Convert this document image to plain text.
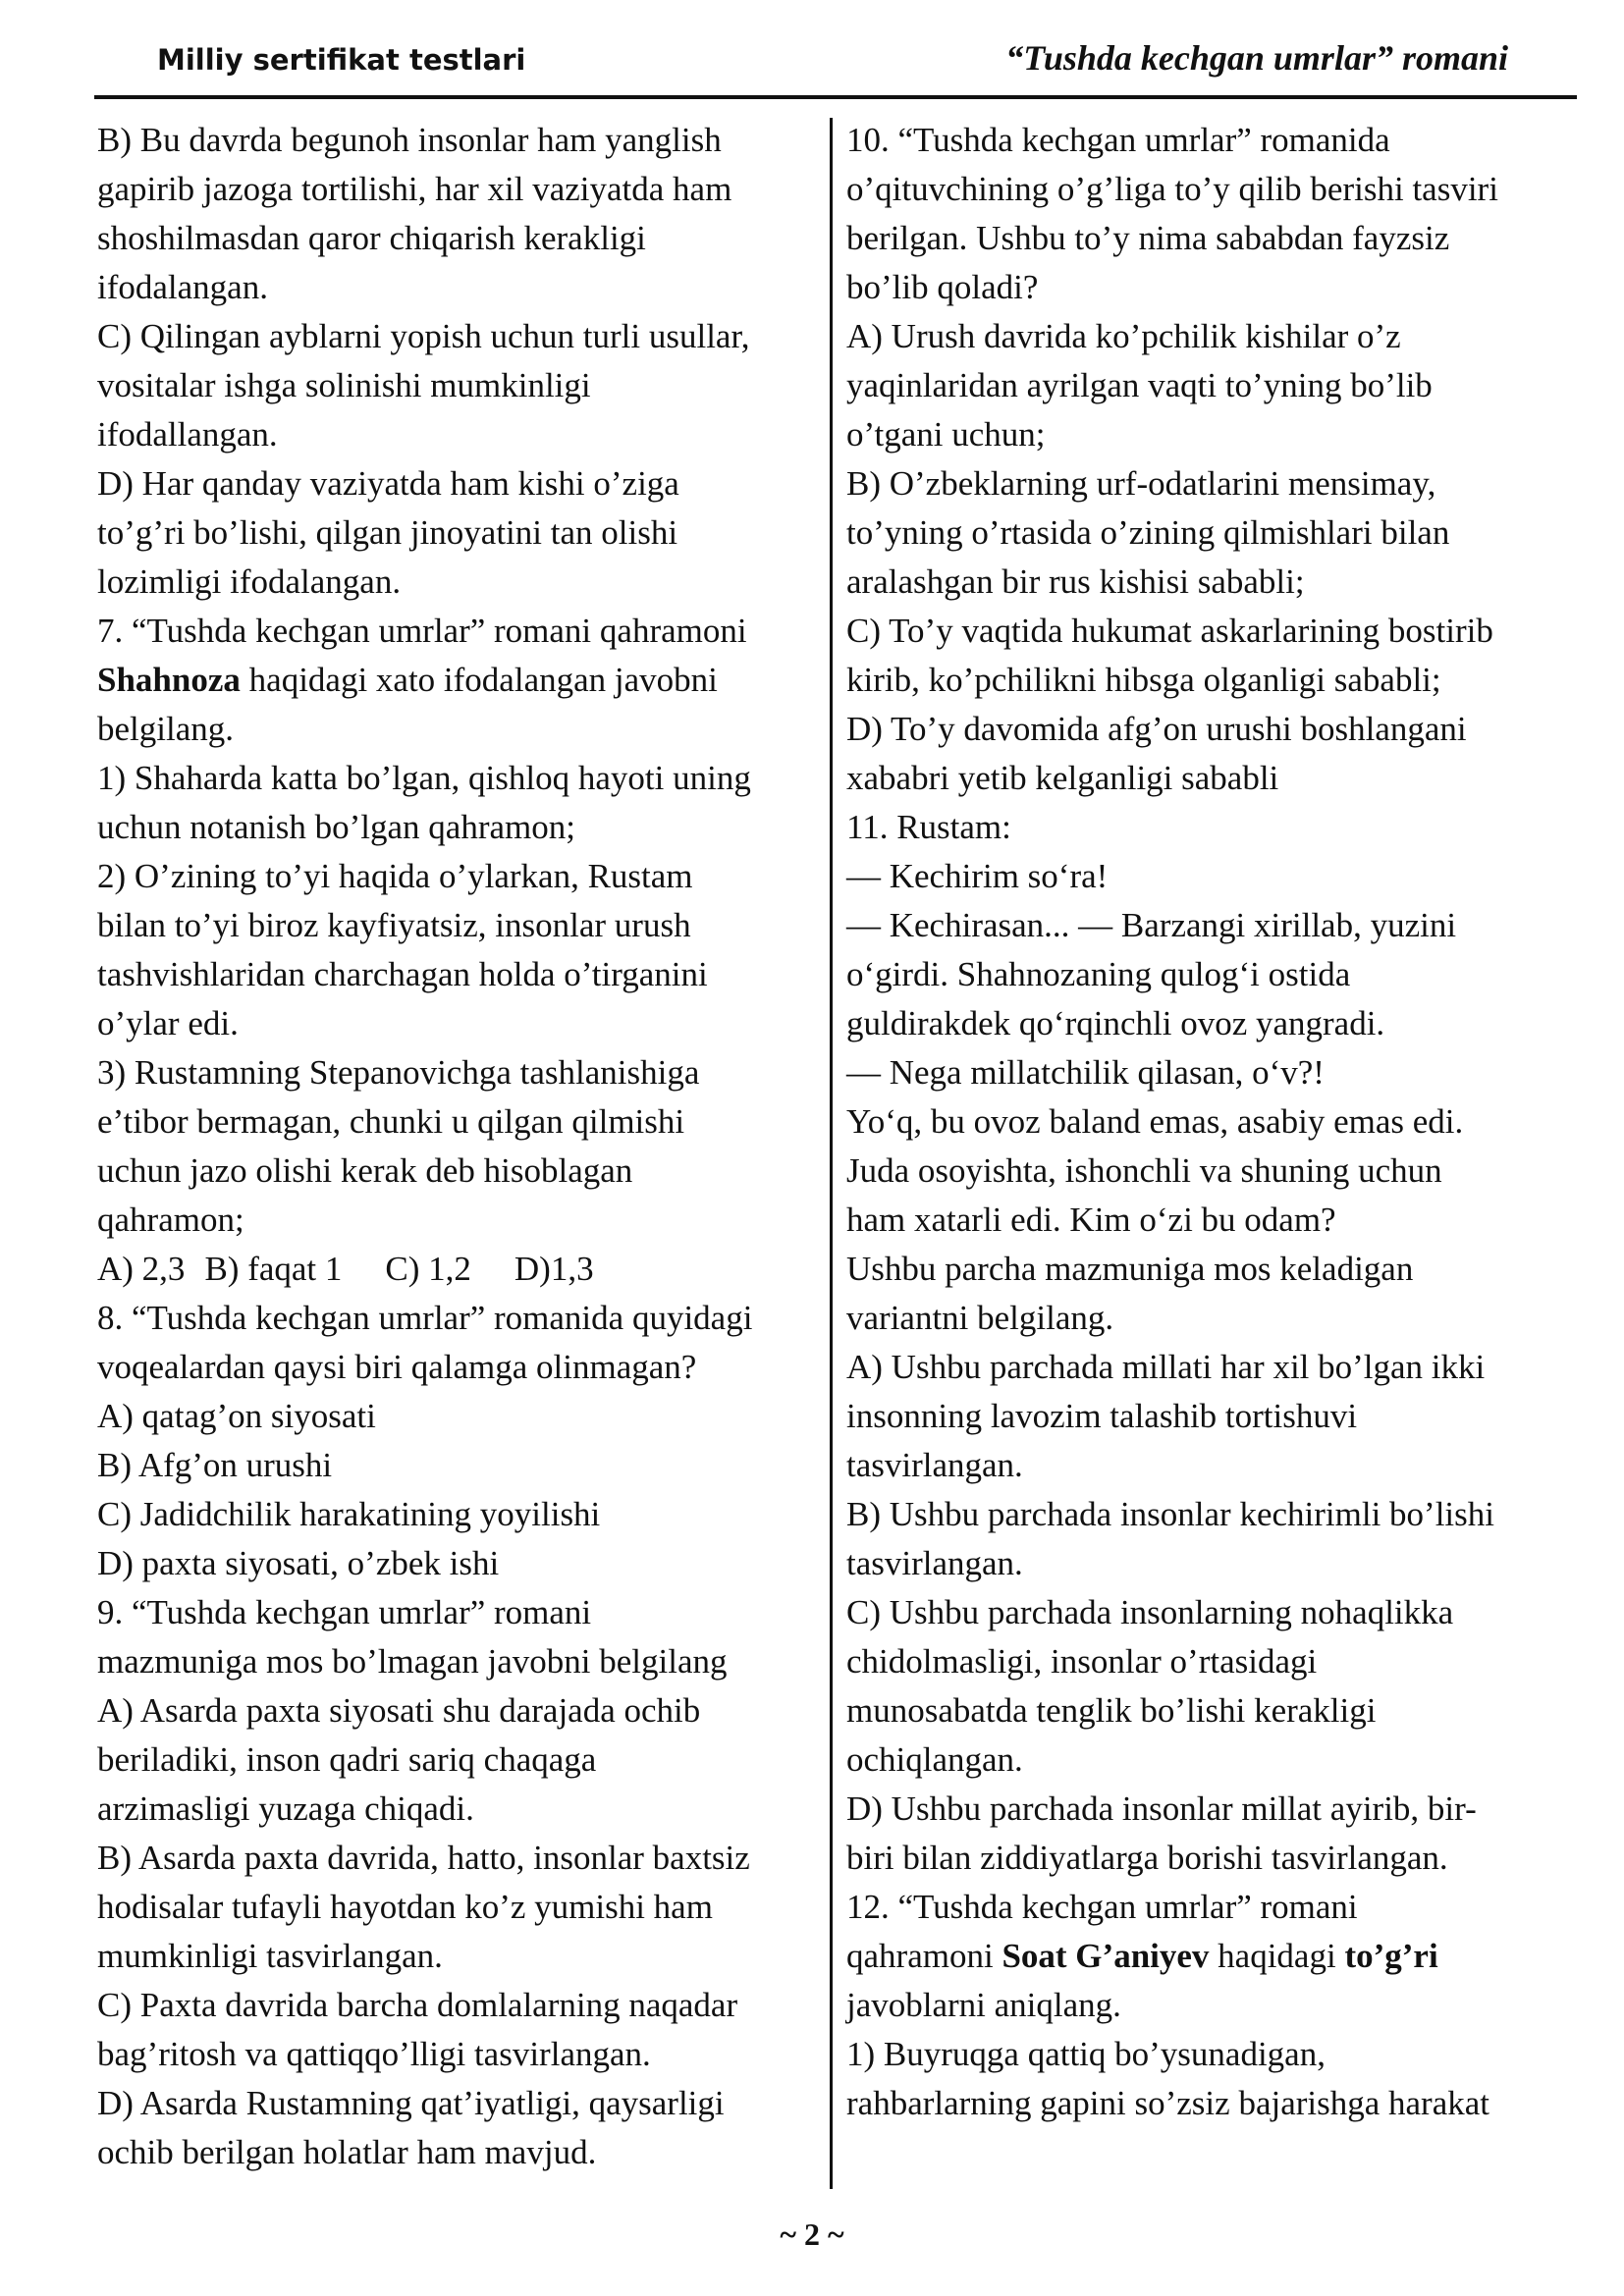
Milliy sertifikat testlari	“Tushda kechgan umrlar” romani
B) Bu davrda begunoh insonlar ham yanglish
gapirib jazoga tortilishi, har xil vaziyatda ham
shoshilmasdan qaror chiqarish kerakligi
ifodalangan.
C) Qilingan ayblarni yopish uchun turli usullar,
vositalar ishga solinishi mumkinligi
ifodallangan.
D) Har qanday vaziyatda ham kishi o’ziga
to’g’ri bo’lishi, qilgan jinoyatini tan olishi
lozimligi ifodalangan.
7. “Tushda kechgan umrlar” romani qahramoni
Shahnoza haqidagi xato ifodalangan javobni
belgilang.
1) Shaharda katta bo’lgan, qishloq hayoti uning
uchun notanish bo’lgan qahramon;
2) O’zining to’yi haqida o’ylarkan, Rustam
bilan to’yi biroz kayfiyatsiz, insonlar urush
tashvishlaridan charchagan holda o’tirganini
o’ylar edi.
3) Rustamning Stepanovichga tashlanishiga
e’tibor bermagan, chunki u qilgan qilmishi
uchun jazo olishi kerak deb hisoblagan
qahramon;
A) 2,3 B) faqat 1 C) 1,2 D)1,3
8. “Tushda kechgan umrlar” romanida quyidagi
voqealardan qaysi biri qalamga olinmagan?
A) qatag’on siyosati
B) Afg’on urushi
C) Jadidchilik harakatining yoyilishi
D) paxta siyosati, o’zbek ishi
9. “Tushda kechgan umrlar” romani
mazmuniga mos bo’lmagan javobni belgilang
A) Asarda paxta siyosati shu darajada ochib
beriladiki, inson qadri sariq chaqaga
arzimasligi yuzaga chiqadi.
B) Asarda paxta davrida, hatto, insonlar baxtsiz
hodisalar tufayli hayotdan ko’z yumishi ham
mumkinligi tasvirlangan.
C) Paxta davrida barcha domlalarning naqadar
bag’ritosh va qattiqqo’lligi tasvirlangan.
D) Asarda Rustamning qat’iyatligi, qaysarligi
ochib berilgan holatlar ham mavjud.
10. “Tushda kechgan umrlar” romanida
o’qituvchining o’g’liga to’y qilib berishi tasviri
berilgan. Ushbu to’y nima sababdan fayzsiz
bo’lib qoladi?
A) Urush davrida ko’pchilik kishilar o’z
yaqinlaridan ayrilgan vaqti to’yning bo’lib
o’tgani uchun;
B) O’zbeklarning urf-odatlarini mensimay,
to’yning o’rtasida o’zining qilmishlari bilan
aralashgan bir rus kishisi sababli;
C) To’y vaqtida hukumat askarlarining bostirib
kirib, ko’pchilikni hibsga olganligi sababli;
D) To’y davomida afg’on urushi boshlangani
xababri yetib kelganligi sababli
11. Rustam:
— Kechirim so‘ra!
— Kechirasan... — Barzangi xirillab, yuzini
o‘girdi. Shahnozaning qulog‘i ostida
guldirakdek qo‘rqinchli ovoz yangradi.
— Nega millatchilik qilasan, o‘v?!
Yo‘q, bu ovoz baland emas, asabiy emas edi.
Juda osoyishta, ishonchli va shuning uchun
ham xatarli edi. Kim o‘zi bu odam?
Ushbu parcha mazmuniga mos keladigan
variantni belgilang.
A) Ushbu parchada millati har xil bo’lgan ikki
insonning lavozim talashib tortishuvi
tasvirlangan.
B) Ushbu parchada insonlar kechirimli bo’lishi
tasvirlangan.
C) Ushbu parchada insonlarning nohaqlikka
chidolmasligi, insonlar o’rtasidagi
munosabatda tenglik bo’lishi kerakligi
ochiqlangan.
D) Ushbu parchada insonlar millat ayirib, bir-
biri bilan ziddiyatlarga borishi tasvirlangan.
12. “Tushda kechgan umrlar” romani
qahramoni Soat G’aniyev haqidagi to’g’ri
javoblarni aniqlang.
1) Buyruqga qattiq bo’ysunadigan,
rahbarlarning gapini so’zsiz bajarishga harakat
~ 2 ~
